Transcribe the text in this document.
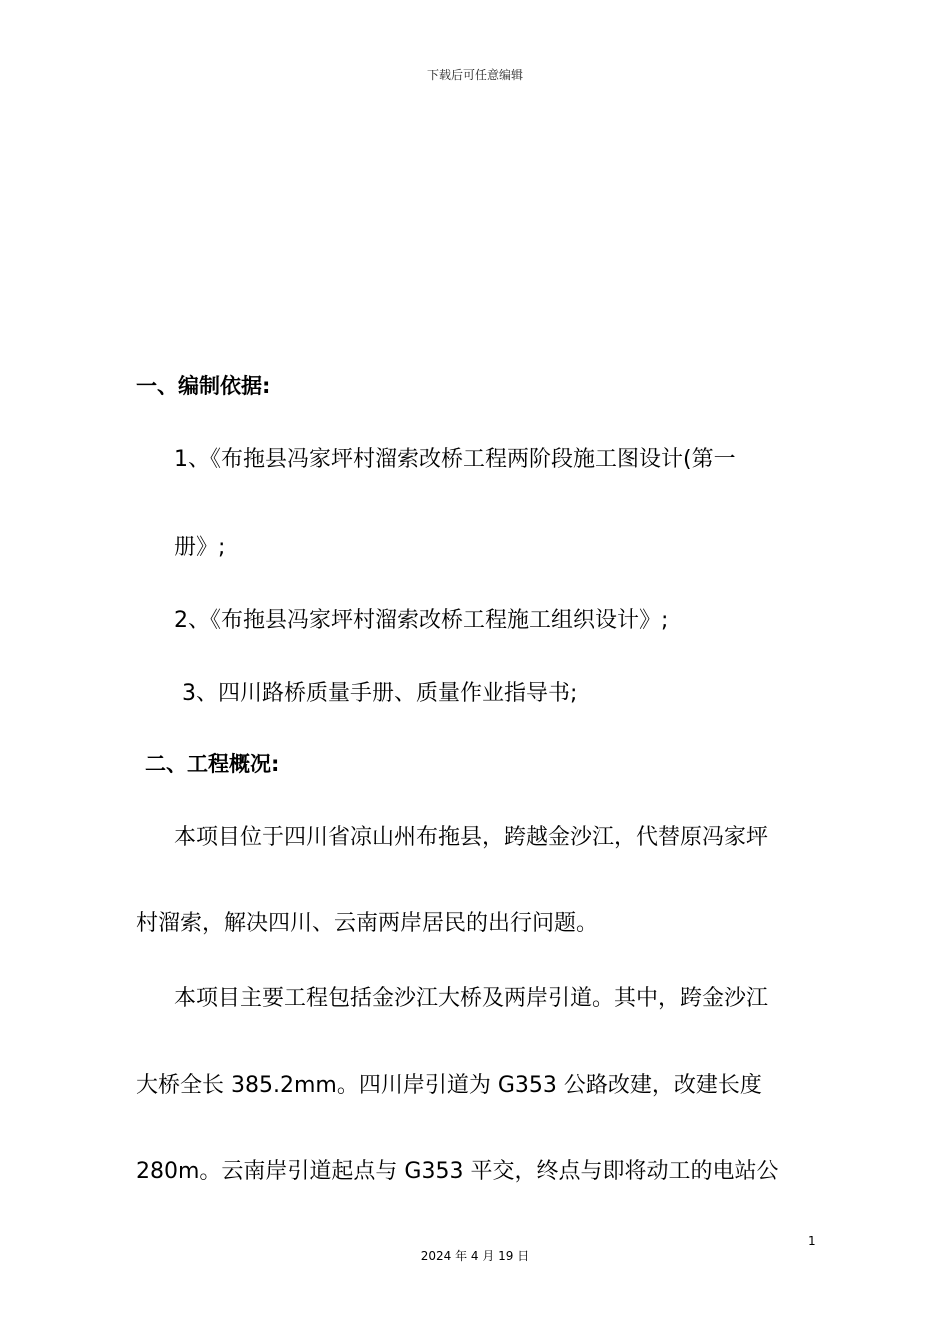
下载后可任意编辑
一、编制依据:
1、《布拖县冯家坪村溜索改桥工程两阶段施工图设计(第一
册》;
2、《布拖县冯家坪村溜索改桥工程施工组织设计》;
3、四川路桥质量手册、质量作业指导书;
二、工程概况:
本项目位于四川省凉山州布拖县，跨越金沙江，代替原冯家坪
村溜索，解决四川、云南两岸居民的出行问题。
本项目主要工程包括金沙江大桥及两岸引道。其中，跨金沙江
大桥全长 385.2mm。四川岸引道为 G353 公路改建，改建长度
280m。云南岸引道起点与 G353 平交，终点与即将动工的电站公
1
2024 年 4 月 19 日
